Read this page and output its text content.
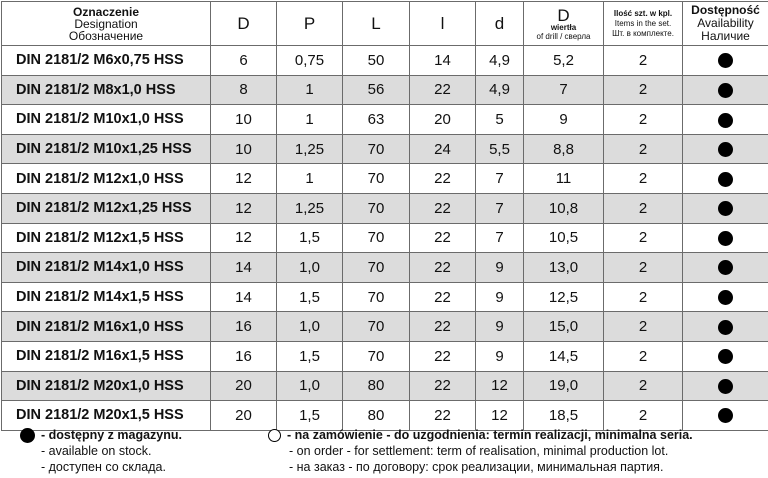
Oznaczenie
Designation
Обозначение	D	P	L	l	d	D
wiertła
of drill / сверла	Ilość szt. w kpl.
Items in the set.
Шт. в комплекте.	Dostępność
Availability
Наличие

DIN 2181/2 M6x0,75 HSS	6	0,75	50	14	4,9	5,2	2	
DIN 2181/2 M8x1,0 HSS	8	1	56	22	4,9	7	2	
DIN 2181/2 M10x1,0 HSS	10	1	63	20	5	9	2	
DIN 2181/2 M10x1,25 HSS	10	1,25	70	24	5,5	8,8	2	
DIN 2181/2 M12x1,0 HSS	12	1	70	22	7	11	2	
DIN 2181/2 M12x1,25 HSS	12	1,25	70	22	7	10,8	2	
DIN 2181/2 M12x1,5 HSS	12	1,5	70	22	7	10,5	2	
DIN 2181/2 M14x1,0 HSS	14	1,0	70	22	9	13,0	2	
DIN 2181/2 M14x1,5 HSS	14	1,5	70	22	9	12,5	2	
DIN 2181/2 M16x1,0 HSS	16	1,0	70	22	9	15,0	2	
DIN 2181/2 M16x1,5 HSS	16	1,5	70	22	9	14,5	2	
DIN 2181/2 M20x1,0 HSS	20	1,0	80	22	12	19,0	2	
DIN 2181/2 M20x1,5 HSS	20	1,5	80	22	12	18,5	2	
- dostępny z magazynu.
- available on stock.
- доступен со склада.
- na zamówienie - do uzgodnienia: termin realizacji, minimalna seria.
- on order - for settlement: term of realisation, minimal production lot.
- на заказ - по договору: срок реализации, минимальная партия.
